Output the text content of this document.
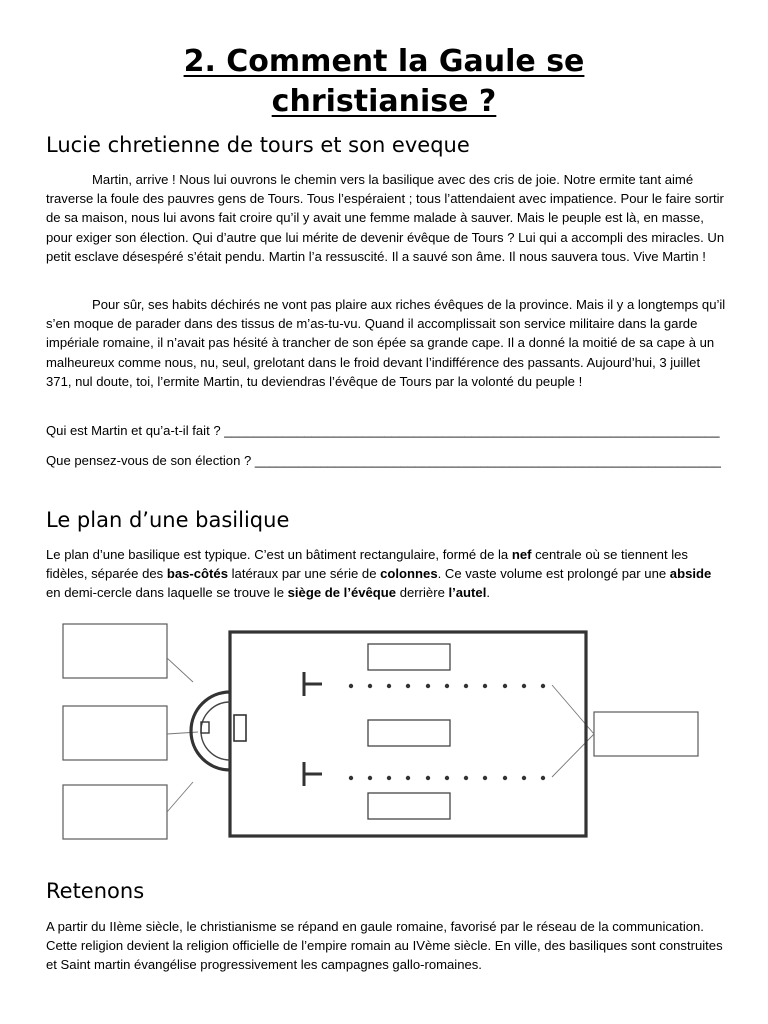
2. Comment la Gaule se
christianise ?
Lucie chretienne de tours et son eveque

Martin, arrive ! Nous lui ouvrons le chemin vers la basilique avec des cris de joie. Notre ermite tant aimé traverse la foule des pauvres gens de Tours. Tous l’espéraient ; tous l’attendaient avec impatience. Pour le faire sortir de sa maison, nous lui avons fait croire qu’il y avait une femme malade à sauver. Mais le peuple est là, en masse, pour exiger son élection. Qui d’autre que lui mérite de devenir évêque de Tours ? Lui qui a accompli des miracles. Un petit esclave désespéré s’était pendu. Martin l’a ressuscité. Il a sauvé son âme. Il nous sauvera tous. Vive Martin !

Pour sûr, ses habits déchirés ne vont pas plaire aux riches évêques de la province. Mais il y a longtemps qu’il s’en moque de parader dans des tissus de m’as-tu-vu. Quand il accomplissait son service militaire dans la garde impériale romaine, il n’avait pas hésité à trancher de son épée sa grande cape. Il a donné la moitié de sa cape à un malheureux comme nous, nu, seul, grelotant dans le froid devant l’indifférence des passants. Aujourd’hui, 3 juillet 371, nul doute, toi, l’ermite Martin, tu deviendras l’évêque de Tours par la volonté du peuple !

Qui est Martin et qu’a-t-il fait ? ____________________________________________________________________

Que pensez-vous de son élection ? ________________________________________________________________

Le plan d’une basilique

Le plan d’une basilique est typique. C’est un bâtiment rectangulaire, formé de la nef centrale où se tiennent les fidèles, séparée des bas-côtés latéraux par une série de colonnes. Ce vaste volume est prolongé par une abside en demi-cercle dans laquelle se trouve le siège de l’évêque derrière l’autel.

Retenons

A partir du IIème siècle, le christianisme se répand en gaule romaine, favorisé par le réseau de la communication. Cette religion devient la religion officielle de l’empire romain au IVème siècle. En ville, des basiliques sont construites et Saint martin évangélise progressivement les campagnes gallo-romaines.
